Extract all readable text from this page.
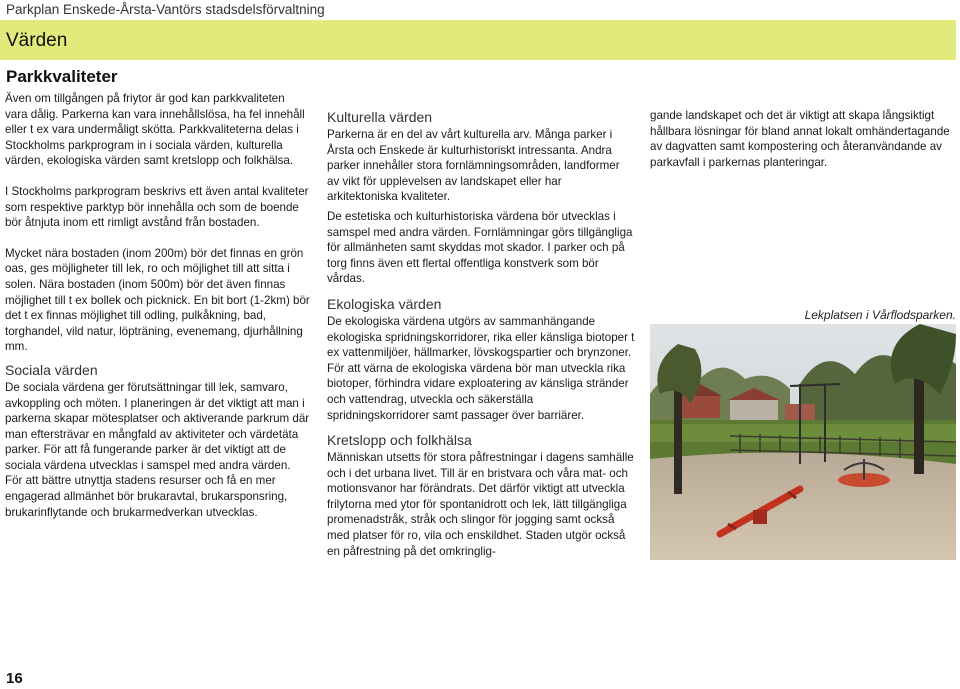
Parkplan Enskede-Årsta-Vantörs stadsdelsförvaltning
Värden
Parkkvaliteter

Även om tillgången på friytor är god kan parkkvaliteten vara dålig. Parkerna kan vara innehållslösa, ha fel innehåll eller t ex vara undermåligt skötta. Parkkvaliteterna delas i Stockholms parkprogram in i sociala värden, kulturella värden, ekologiska värden samt kretslopp och folkhälsa.

I Stockholms parkprogram beskrivs ett även antal kvaliteter som respektive parktyp bör innehålla och som de boende bör åtnjuta inom ett rimligt avstånd från bostaden.

Mycket nära bostaden (inom 200m) bör det finnas en grön oas, ges möjligheter till lek, ro och möjlighet till att sitta i solen. Nära bostaden (inom 500m) bör det även finnas möjlighet till t ex bollek och picknick. En bit bort (1-2km) bör det t ex finnas möjlighet till odling, pulkåkning, bad, torghandel, vild natur, löpträning, evenemang, djurhållning mm.

Sociala värden

De sociala värdena ger förutsättningar till lek, samvaro, avkoppling och möten. I planeringen är det viktigt att man i parkerna skapar mötesplatser och aktiverande parkrum där man eftersträvar en mångfald av aktiviteter och värdetäta parker. För att få fungerande parker är det viktigt att de sociala värdena utvecklas i samspel med andra värden. För att bättre utnyttja stadens resurser och få en mer engagerad allmänhet bör brukaravtal, brukarsponsring, brukarinflytande och brukarmedverkan utvecklas.

Kulturella värden

Parkerna är en del av vårt kulturella arv. Många parker i Årsta och Enskede är kulturhistoriskt intressanta. Andra parker innehåller stora fornlämningsområden, landformer av vikt för upplevelsen av landskapet eller har arkitektoniska kvaliteter.

De estetiska och kulturhistoriska värdena bör utvecklas i samspel med andra värden. Fornlämningar görs tillgängliga för allmänheten samt skyddas mot skador. I parker och på torg finns även ett flertal offentliga konstverk som bör vårdas.

Ekologiska värden

De ekologiska värdena utgörs av sammanhängande ekologiska spridningskorridorer, rika eller känsliga biotoper t ex vattenmiljöer, hällmarker, lövskogspartier och brynzoner. För att värna de ekologiska värdena bör man utveckla rika biotoper, förhindra vidare exploatering av känsliga stränder och vattendrag, utveckla och säkerställa spridningskorridorer samt passager över barriärer.

Kretslopp och folkhälsa

Människan utsetts för stora påfrestningar i dagens samhälle och i det urbana livet. Till är en bristvara och våra mat- och motionsvanor har förändrats. Det därför viktigt att utveckla frilytorna med ytor för spontanidrott och lek, lätt tillgängliga promenadstråk, stråk och slingor för jogging samt också med platser för ro, vila och enskildhet. Staden utgör också en påfrestning på det omkringlig-

gande landskapet och det är viktigt att skapa långsiktigt hållbara lösningar för bland annat lokalt omhändertagande av dagvatten samt kompostering och återanvändande av parkavfall i parkernas planteringar.

Lekplatsen i Vårflodsparken.
16
